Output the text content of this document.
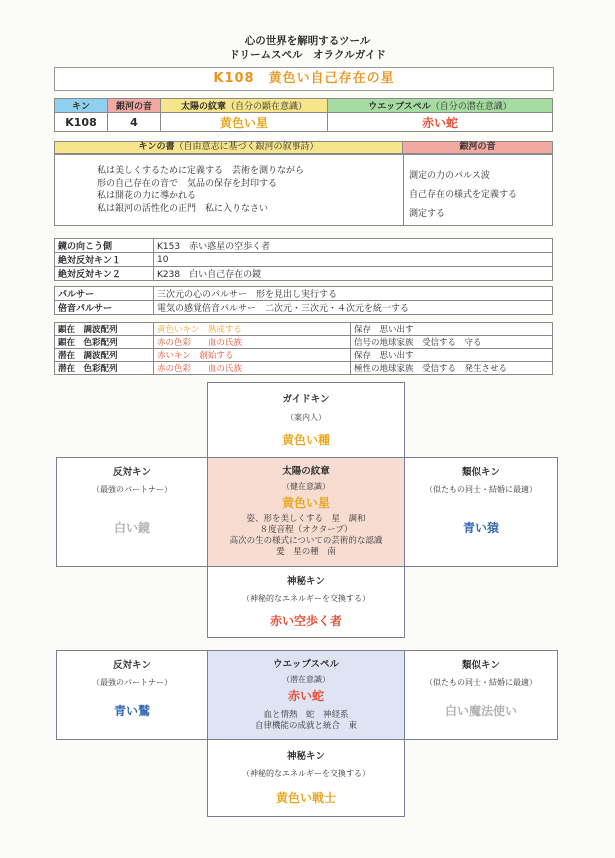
心の世界を解明するツール
ドリームスペル　オラクルガイド
K108　黄色い自己存在の星
キン	銀河の音	太陽の紋章（自分の顕在意識）	ウエッブスペル（自分の潜在意識）
K108	4	黄色い星	赤い蛇
キンの書（自由意志に基づく銀河の叙事詩）	銀河の音
私は美しくするために定義する　芸術を測りながら
形の自己存在の音で　気品の保存を封印する
私は開花の力に導かれる
私は銀河の活性化の正門　私に入りなさい
測定の力のパルス波
自己存在の様式を定義する
測定する
鏡の向こう側	K153　赤い惑星の空歩く者
絶対反対キン１	10
絶対反対キン２	K238　白い自己存在の鏡
パルサー	三次元の心のパルサー　形を見出し実行する
倍音パルサー	電気の感覚倍音パルサー　二次元・三次元・４次元を統一する
顕在　調波配列	黄色いキン　熟成する	保存　思い出す
顕在　色彩配列	赤の色彩　　血の氏族	信号の地球家族　受信する　守る
潜在　調波配列	赤いキン　創始する	保存　思い出す
潜在　色彩配列	赤の色彩　　血の氏族	極性の地球家族　受信する　発生させる
ガイドキン
（案内人）
黄色い種
反対キン
（最強のパートナー）
白い鏡
太陽の紋章
（健在意識）
黄色い星
姿、形を美しくする　星　調和
８度音程（オクターブ）
高次の生の様式についての芸術的な認識
愛　星の種　南
類似キン
（似たもの同士・結婚に最適）
青い猿
神秘キン
（神秘的なエネルギーを交換する）
赤い空歩く者
反対キン
（最強のパートナー）
青い鷲
ウエッブスペル
（潜在意識）
赤い蛇
血と情熱　蛇　神経系
自律機能の成就と統合　東
類似キン
（似たもの同士・結婚に最適）
白い魔法使い
神秘キン
（神秘的なエネルギーを交換する）
黄色い戦士
